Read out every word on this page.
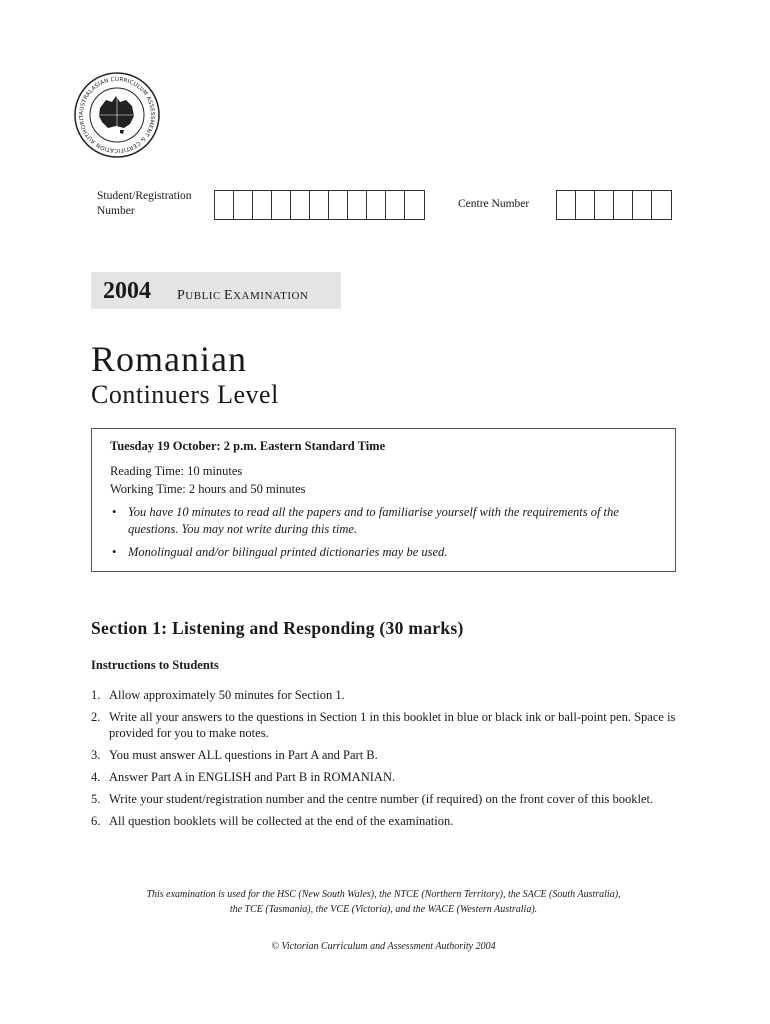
AUSTRALASIAN CURRICULUM ASSESSMENT & CERTIFICATION AUTHORIT
Student/Registration Number
Centre Number
2004 PUBLIC EXAMINATION
Romanian
Continuers Level
Tuesday 19 October: 2 p.m. Eastern Standard Time
Reading Time: 10 minutes
Working Time: 2 hours and 50 minutes
• You have 10 minutes to read all the papers and to familiarise yourself with the requirements of the questions. You may not write during this time.
• Monolingual and/or bilingual printed dictionaries may be used.
Section 1: Listening and Responding (30 marks)
Instructions to Students
1. Allow approximately 50 minutes for Section 1.
2. Write all your answers to the questions in Section 1 in this booklet in blue or black ink or ball-point pen. Space is provided for you to make notes.
3. You must answer ALL questions in Part A and Part B.
4. Answer Part A in ENGLISH and Part B in ROMANIAN.
5. Write your student/registration number and the centre number (if required) on the front cover of this booklet.
6. All question booklets will be collected at the end of the examination.
This examination is used for the HSC (New South Wales), the NTCE (Northern Territory), the SACE (South Australia),
the TCE (Tasmania), the VCE (Victoria), and the WACE (Western Australia).
© Victorian Curriculum and Assessment Authority 2004
